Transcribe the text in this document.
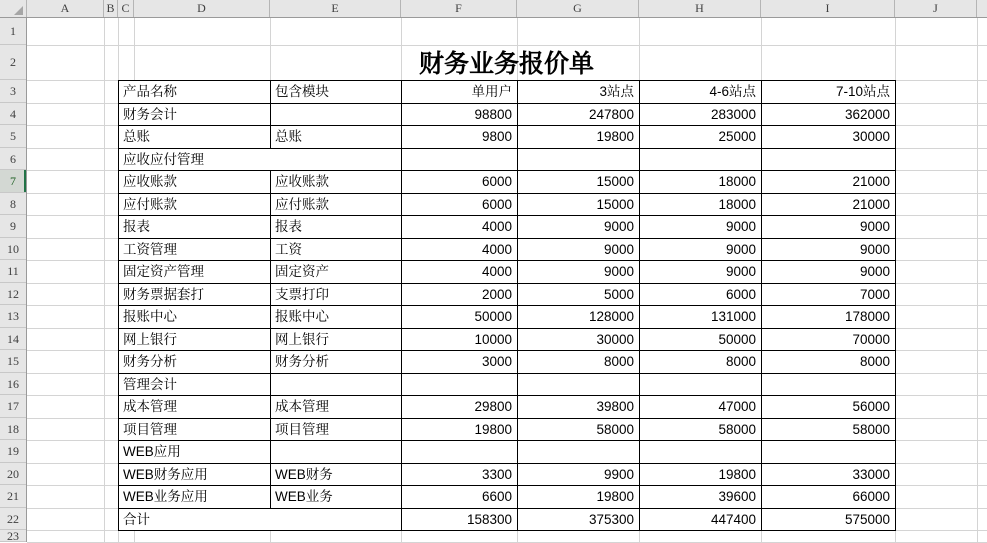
1
2
3
4
5
6
7
8
9
10
11
12
13
14
15
16
17
18
19
20
21
22
23
A	B C	D	E	F	G	H	I	J
财务业务报价单
产品名称	包含模块	单用户	3站点	4-6站点	7-10站点
财务会计		98800	247800	283000	362000
总账	总账	9800	19800	25000	30000
应收应付管理					
应收账款	应收账款	6000	15000	18000	21000
应付账款	应付账款	6000	15000	18000	21000
报表	报表	4000	9000	9000	9000
工资管理	工资	4000	9000	9000	9000
固定资产管理	固定资产	4000	9000	9000	9000
财务票据套打	支票打印	2000	5000	6000	7000
报账中心	报账中心	50000	128000	131000	178000
网上银行	网上银行	10000	30000	50000	70000
财务分析	财务分析	3000	8000	8000	8000
管理会计					
成本管理	成本管理	29800	39800	47000	56000
项目管理	项目管理	19800	58000	58000	58000
WEB应用					
WEB财务应用	WEB财务	3300	9900	19800	33000
WEB业务应用	WEB业务	6600	19800	39600	66000
合计		158300	375300	447400	575000
